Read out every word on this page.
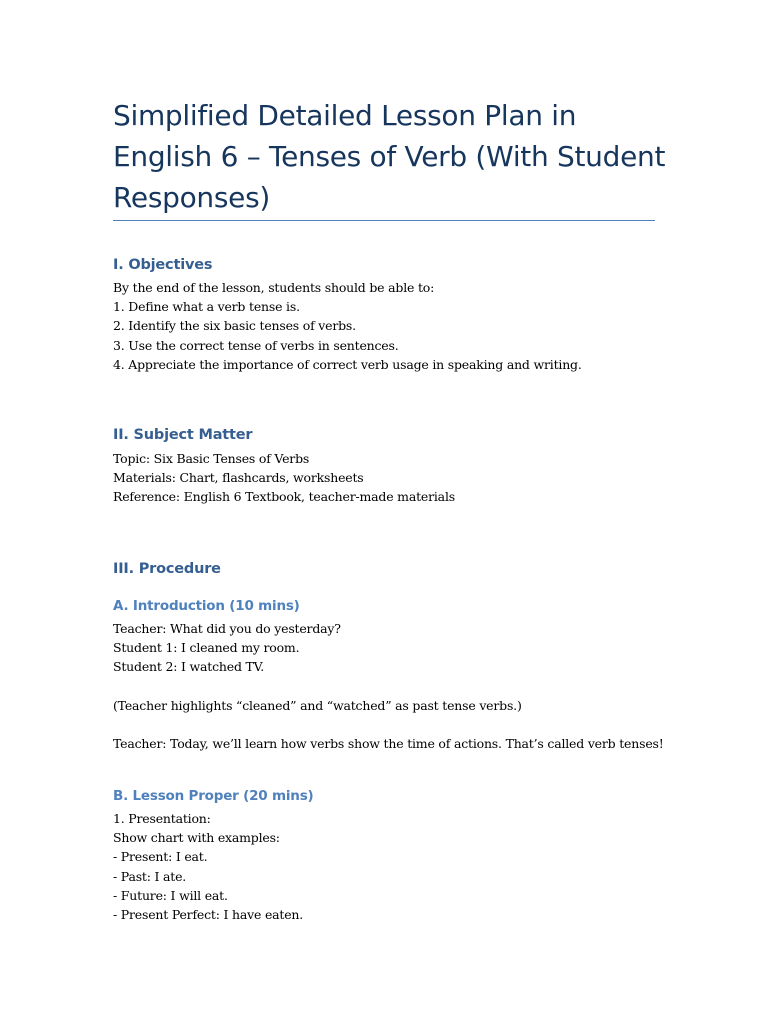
Simplified Detailed Lesson Plan in English 6 – Tenses of Verb (With Student Responses)
I. Objectives
By the end of the lesson, students should be able to:
1. Define what a verb tense is.
2. Identify the six basic tenses of verbs.
3. Use the correct tense of verbs in sentences.
4. Appreciate the importance of correct verb usage in speaking and writing.
II. Subject Matter
Topic: Six Basic Tenses of Verbs
Materials: Chart, flashcards, worksheets
Reference: English 6 Textbook, teacher-made materials
III. Procedure
A. Introduction (10 mins)
Teacher: What did you do yesterday?
Student 1: I cleaned my room.
Student 2: I watched TV.

(Teacher highlights “cleaned” and “watched” as past tense verbs.)

Teacher: Today, we’ll learn how verbs show the time of actions. That’s called verb tenses!

B. Lesson Proper (20 mins)
1. Presentation:
Show chart with examples:
- Present: I eat.
- Past: I ate.
- Future: I will eat.
- Present Perfect: I have eaten.
